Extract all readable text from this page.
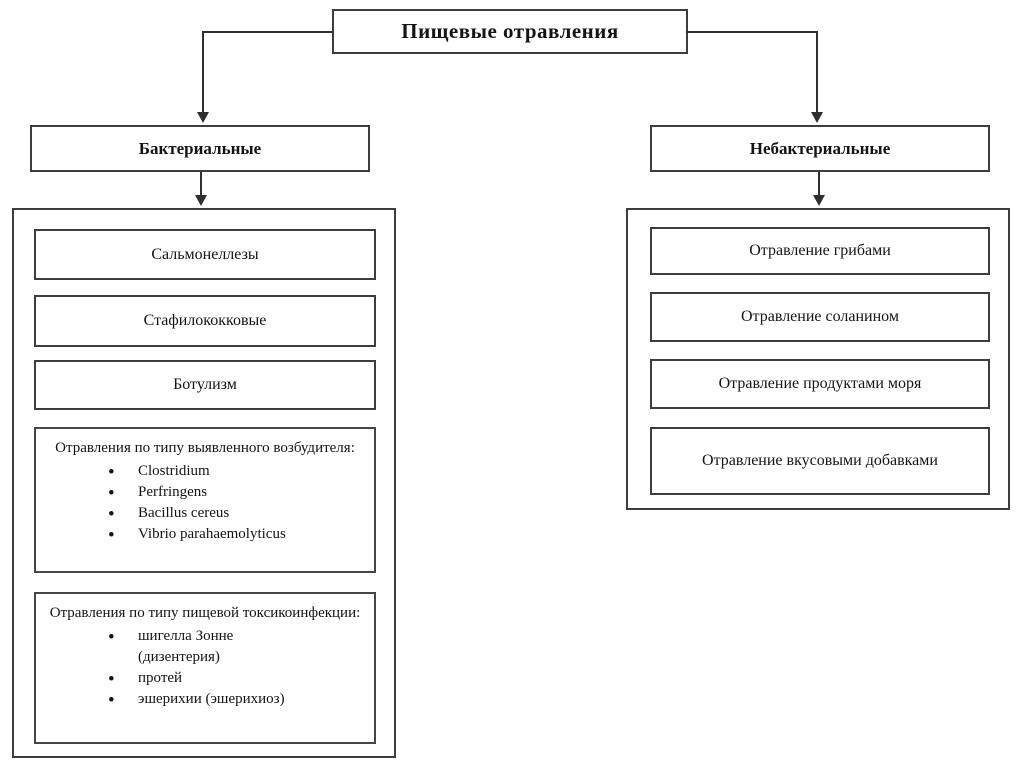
Пищевые отравления
Бактериальные	Небактериальные
Сальмонеллезы
Стафилококковые
Ботулизм
Отравления по типу выявленного возбудителя:
• Clostridium
• Perfringens
• Bacillus cereus
• Vibrio parahaemolyticus
Отравления по типу пищевой токсикоинфекции:
• шигелла Зонне (дизентерия)
• протей
• эшерихии (эшерихиоз)
Отравление грибами
Отравление соланином
Отравление продуктами моря
Отравление вкусовыми добавками
